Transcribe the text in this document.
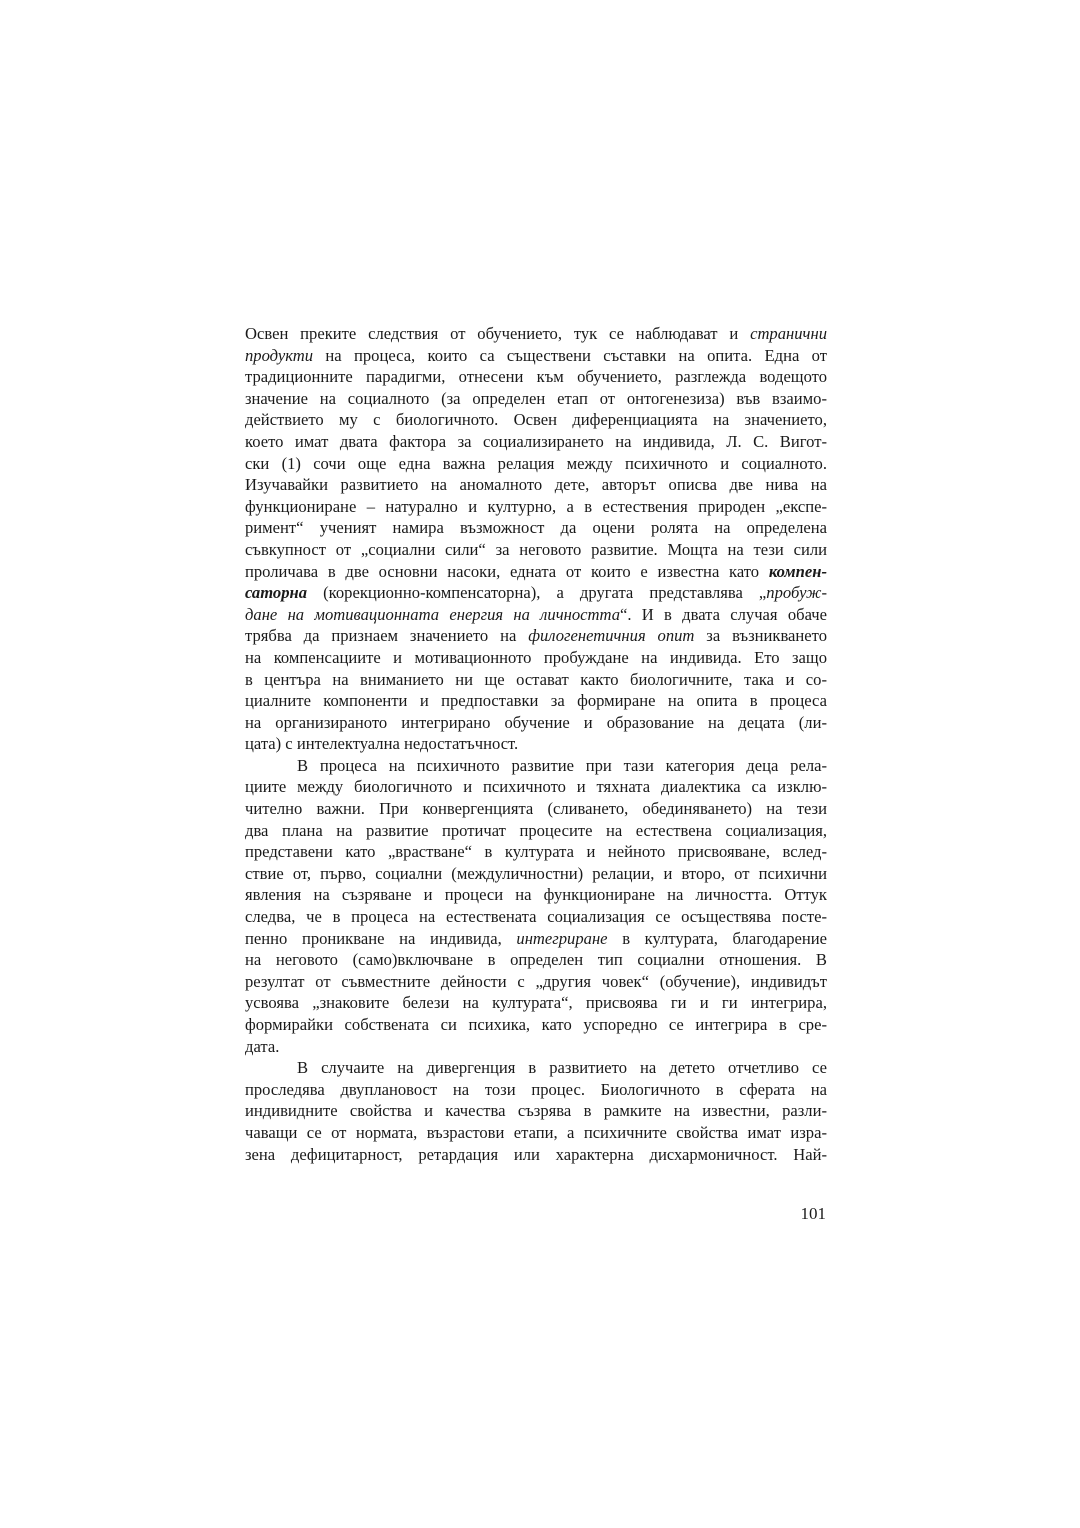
Освен преките следствия от обучението, тук се наблюдават и странични
продукти на процеса, които са съществени съставки на опита. Една от
традиционните парадигми, отнесени към обучението, разглежда водещото
значение на социалното (за определен етап от онтогенезиза) във взаимо-
действието му с биологичното. Освен диференциацията на значението,
което имат двата фактора за социализирането на индивида, Л. С. Вигот-
ски (1) сочи още една важна релация между психичното и социалното.
Изучавайки развитието на аномалното дете, авторът описва две нива на
функциониране – натурално и културно, а в естествения природен „експе-
римент“ ученият намира възможност да оцени ролята на определена
съвкупност от „социални сили“ за неговото развитие. Мощта на тези сили
проличава в две основни насоки, едната от които е известна като компен-
саторна (корекционно-компенсаторна), а другата представлява „пробуж-
дане на мотивационната енергия на личността“. И в двата случая обаче
трябва да признаем значението на филогенетичния опит за възникването
на компенсациите и мотивационното пробуждане на индивида. Ето защо
в центъра на вниманието ни ще остават както биологичните, така и со-
циалните компоненти и предпоставки за формиране на опита в процеса
на организираното интегрирано обучение и образование на децата (ли-
цата) с интелектуална недостатъчност.
В процеса на психичното развитие при тази категория деца рела-
циите между биологичното и психичното и тяхната диалектика са изклю-
чително важни. При конвергенцията (сливането, обединяването) на тези
два плана на развитие протичат процесите на естествена социализация,
представени като „врастване“ в културата и нейното присвояване, вслед-
ствие от, първо, социални (междуличностни) релации, и второ, от психични
явления на съзряване и процеси на функциониране на личността. Оттук
следва, че в процеса на естествената социализация се осъществява посте-
пенно проникване на индивида, интегриране в културата, благодарение
на неговото (само)включване в определен тип социални отношения. В
резултат от съвместните дейности с „другия човек“ (обучение), индивидът
усвоява „знаковите белези на културата“, присвоява ги и ги интегрира,
формирайки собствената си психика, като успоредно се интегрира в сре-
дата.
В случаите на дивергенция в развитието на детето отчетливо се
проследява двуплановост на този процес. Биологичното в сферата на
индивидните свойства и качества съзрява в рамките на известни, разли-
чаващи се от нормата, възрастови етапи, а психичните свойства имат изра-
зена дефицитарност, ретардация или характерна дисхармоничност. Най-
101
